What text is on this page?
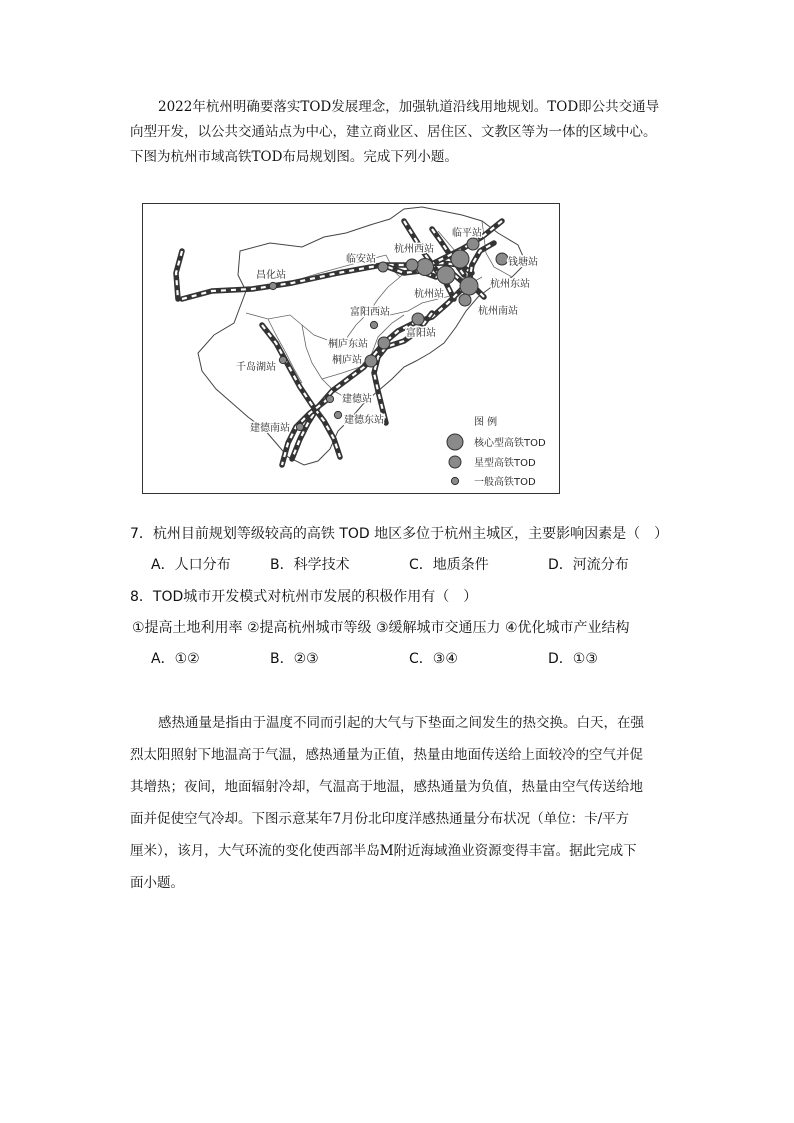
2022年杭州明确要落实TOD发展理念，加强轨道沿线用地规划。TOD即公共交通导
向型开发，以公共交通站点为中心，建立商业区、居住区、文教区等为一体的区域中心。
下图为杭州市域高铁TOD布局规划图。完成下列小题。
临平站
杭州西站
临安站	钱塘站
昌化站
杭州站
杭州东站
富阳西站	杭州南站
富阳站
桐庐东站
桐庐站
千岛湖站
建德站
建德东站
建德南站
图 例
核心型高铁TOD
星型高铁TOD
一般高铁TOD
7．杭州目前规划等级较高的高铁 TOD 地区多位于杭州主城区，主要影响因素是（　）
A．人口分布	B．科学技术	C．地质条件	D．河流分布
8．TOD城市开发模式对杭州市发展的积极作用有（　）
①提高土地利用率 ②提高杭州城市等级 ③缓解城市交通压力 ④优化城市产业结构
A．①②	B．②③	C．③④	D．①③
感热通量是指由于温度不同而引起的大气与下垫面之间发生的热交换。白天，在强
烈太阳照射下地温高于气温，感热通量为正值，热量由地面传送给上面较冷的空气并促
其增热；夜间，地面辐射冷却，气温高于地温，感热通量为负值，热量由空气传送给地
面并促使空气冷却。下图示意某年7月份北印度洋感热通量分布状况（单位：卡/平方
厘米），该月，大气环流的变化使西部半岛M附近海域渔业资源变得丰富。据此完成下
面小题。
